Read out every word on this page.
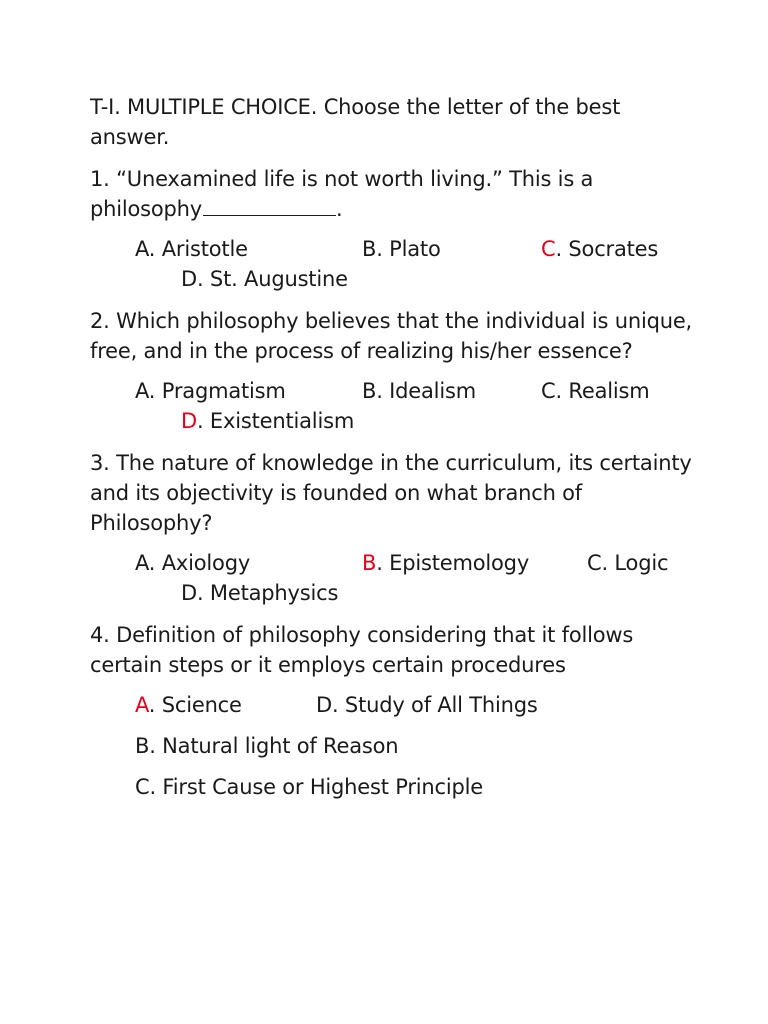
T-I. MULTIPLE CHOICE. Choose the letter of the best
answer.
1. “Unexamined life is not worth living.” This is a
philosophy	.
A. Aristotle	B. Plato	C. Socrates
D. St. Augustine
2. Which philosophy believes that the individual is unique,
free, and in the process of realizing his/her essence?
A. Pragmatism	B. Idealism	C. Realism
D. Existentialism
3. The nature of knowledge in the curriculum, its certainty
and its objectivity is founded on what branch of
Philosophy?
A. Axiology	B. Epistemology	C. Logic
D. Metaphysics
4. Definition of philosophy considering that it follows
certain steps or it employs certain procedures
A. Science	D. Study of All Things
B. Natural light of Reason
C. First Cause or Highest Principle
